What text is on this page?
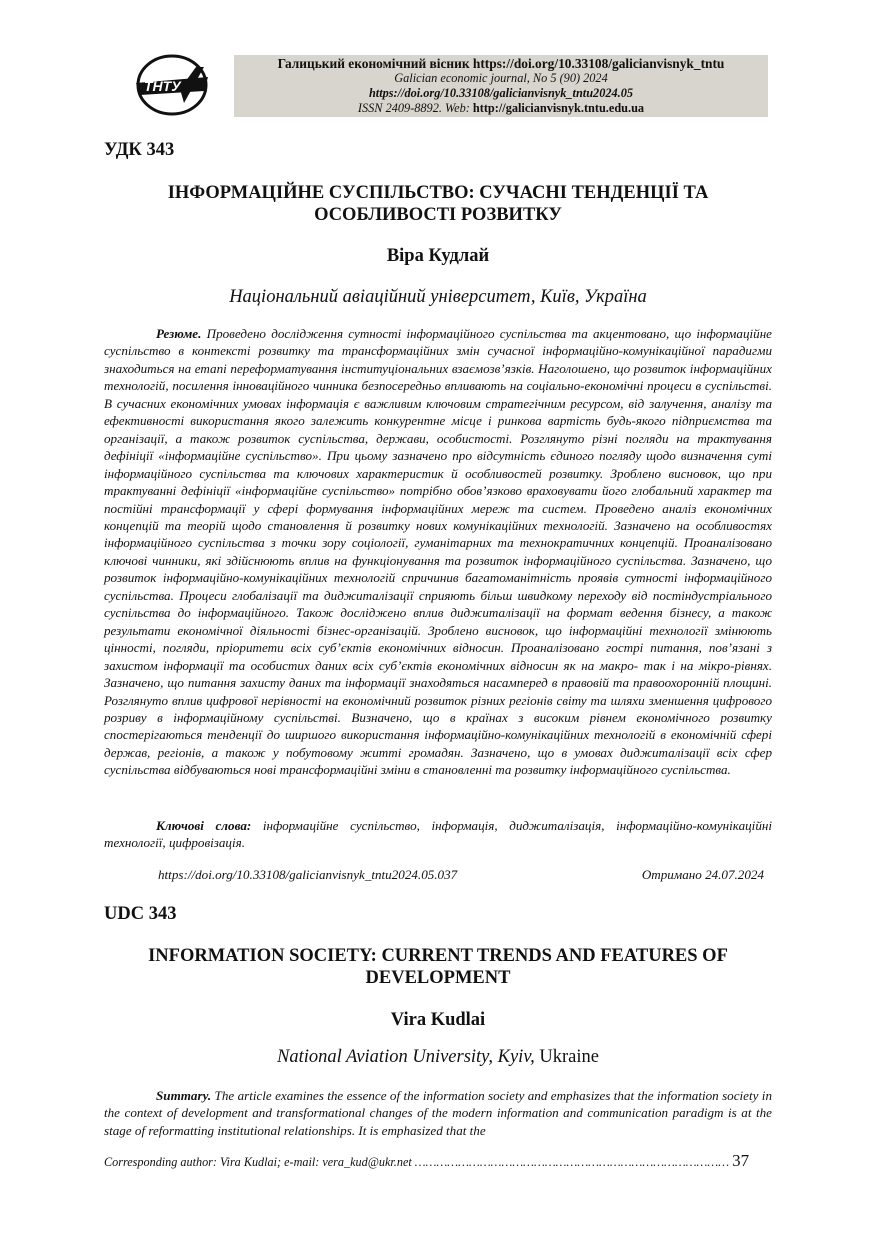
ТНТУ
Галицький економічний вісник https://doi.org/10.33108/galicianvisnyk_tntu
Galician economic journal, No 5 (90) 2024
https://doi.org/10.33108/galicianvisnyk_tntu2024.05
ISSN 2409-8892. Web: http://galicianvisnyk.tntu.edu.ua
УДК 343
ІНФОРМАЦІЙНЕ СУСПІЛЬСТВО: СУЧАСНІ ТЕНДЕНЦІЇ ТА
ОСОБЛИВОСТІ РОЗВИТКУ
Віра Кудлай
Національний авіаційний університет, Київ, Україна
Резюме. Проведено дослідження сутності інформаційного суспільства та акцентовано, що інформаційне суспільство в контексті розвитку та трансформаційних змін сучасної інформаційно-комунікаційної парадигми знаходиться на етапі переформатування інституціональних взаємозв’язків. Наголошено, що розвиток інформаційних технологій, посилення інноваційного чинника безпосередньо впливають на соціально-економічні процеси в суспільстві. В сучасних економічних умовах інформація є важливим ключовим стратегічним ресурсом, від залучення, аналізу та ефективності використання якого залежить конкурентне місце і ринкова вартість будь-якого підприємства та організації, а також розвиток суспільства, держави, особистості. Розглянуто різні погляди на трактування дефініції «інформаційне суспільство». При цьому зазначено про відсутність єдиного погляду щодо визначення суті інформаційного суспільства та ключових характеристик й особливостей розвитку. Зроблено висновок, що при трактуванні дефініції «інформаційне суспільство» потрібно обов’язково враховувати його глобальний характер та постійні трансформації у сфері формування інформаційних мереж та систем. Проведено аналіз економічних концепцій та теорій щодо становлення й розвитку нових комунікаційних технологій. Зазначено на особливостях інформаційного суспільства з точки зору соціології, гуманітарних та технократичних концепцій. Проаналізовано ключові чинники, які здійснюють вплив на функціонування та розвиток інформаційного суспільства. Зазначено, що розвиток інформаційно-комунікаційних технологій спричинив багатоманітність проявів сутності інформаційного суспільства. Процеси глобалізації та диджиталізації сприяють більш швидкому переходу від постіндустріального суспільства до інформаційного. Також досліджено вплив диджиталізації на формат ведення бізнесу, а також результати економічної діяльності бізнес-організацій. Зроблено висновок, що інформаційні технології змінюють цінності, погляди, пріоритети всіх суб’єктів економічних відносин. Проаналізовано гострі питання, пов’язані з захистом інформації та особистих даних всіх суб’єктів економічних відносин як на макро- так і на мікро-рівнях. Зазначено, що питання захисту даних та інформації знаходяться насамперед в правовій та правоохоронній площині. Розглянуто вплив цифрової нерівності на економічний розвиток різних регіонів світу та шляхи зменшення цифрового розриву в інформаційному суспільстві. Визначено, що в країнах з високим рівнем економічного розвитку спостерігаються тенденції до ширшого використання інформаційно-комунікаційних технологій в економічній сфері держав, регіонів, а також у побутовому житті громадян. Зазначено, що в умовах диджиталізації всіх сфер суспільства відбуваються нові трансформаційні зміни в становленні та розвитку інформаційного суспільства.
Ключові слова: інформаційне суспільство, інформація, диджиталізація, інформаційно-комунікаційні технології, цифровізація.
https://doi.org/10.33108/galicianvisnyk_tntu2024.05.037	Отримано 24.07.2024
UDC 343
INFORMATION SOCIETY: CURRENT TRENDS AND FEATURES OF
DEVELOPMENT
Vira Kudlai
National Aviation University, Kyiv, Ukraine
Summary. The article examines the essence of the information society and emphasizes that the information society in the context of development and transformational changes of the modern information and communication paradigm is at the stage of reformatting institutional relationships. It is emphasized that the
Corresponding author: Vira Kudlai; e-mail: vera_kud@ukr.net …………………………………………………………………………… 37
